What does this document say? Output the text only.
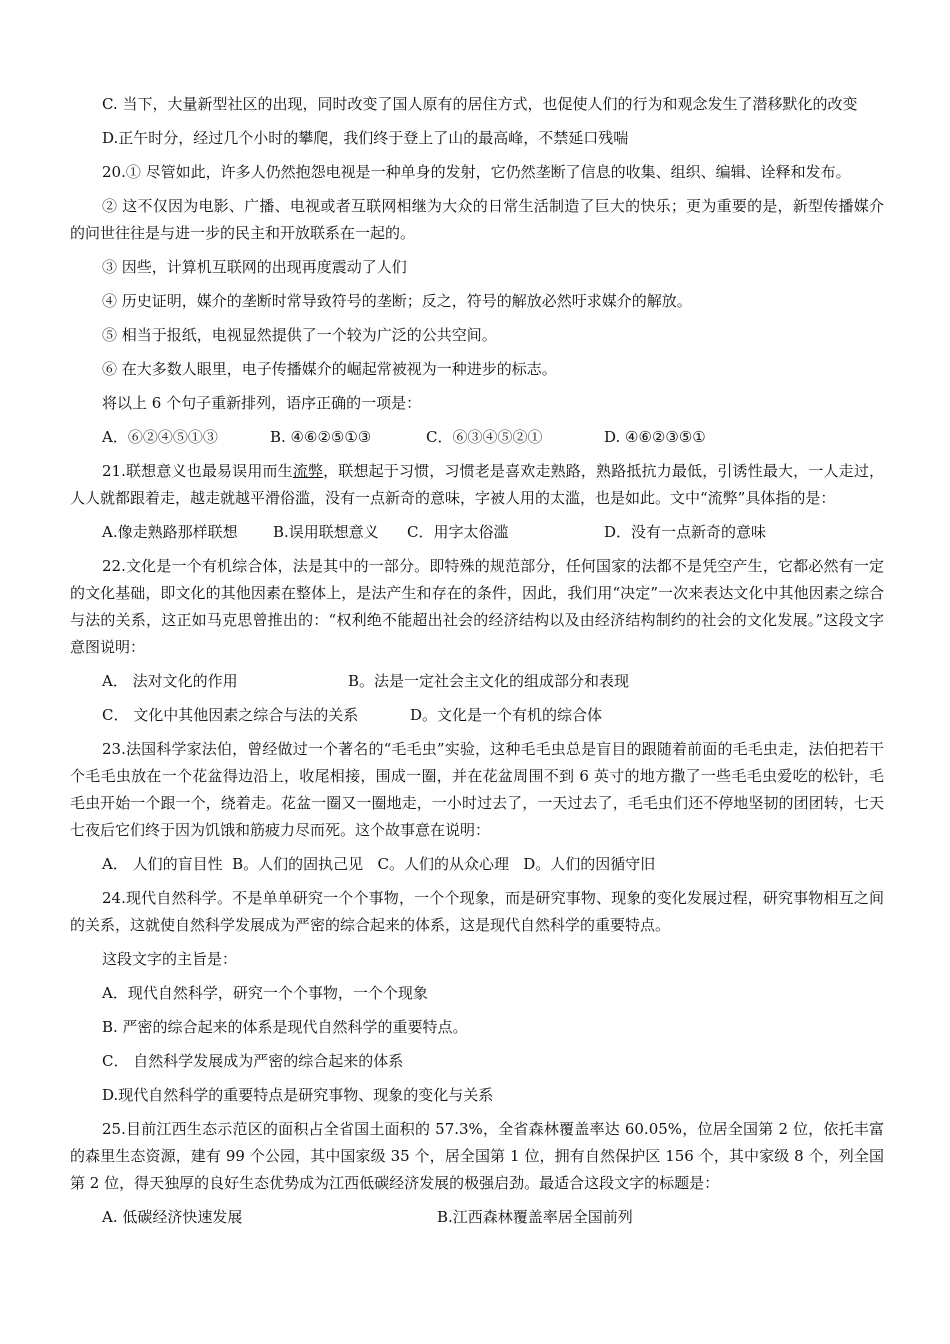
C. 当下，大量新型社区的出现，同时改变了国人原有的居住方式，也促使人们的行为和观念发生了潜移默化的改变

D.正午时分，经过几个小时的攀爬，我们终于登上了山的最高峰，不禁延口残喘

20.① 尽管如此，许多人仍然抱怨电视是一种单身的发射，它仍然垄断了信息的收集、组织、编辑、诠释和发布。

② 这不仅因为电影、广播、电视或者互联网相继为大众的日常生活制造了巨大的快乐；更为重要的是，新型传播媒介的问世往往是与进一步的民主和开放联系在一起的。

③ 因些，计算机互联网的出现再度震动了人们

④ 历史证明，媒介的垄断时常导致符号的垄断；反之，符号的解放必然吁求媒介的解放。

⑤ 相当于报纸，电视显然提供了一个较为广泛的公共空间。

⑥ 在大多数人眼里，电子传播媒介的崛起常被视为一种进步的标志。

将以上 6 个句子重新排列，语序正确的一项是：

A．⑥②④⑤①③	B. ④⑥②⑤①③	C．⑥③④⑤②①	D. ④⑥②③⑤①

21.联想意义也最易误用而生流弊，联想起于习惯，习惯老是喜欢走熟路，熟路抵抗力最低，引诱性最大，一人走过，人人就都跟着走，越走就越平滑俗滥，没有一点新奇的意味，字被人用的太滥，也是如此。文中“流弊”具体指的是：

A.像走熟路那样联想 B.误用联想意义 C．用字太俗滥	D．没有一点新奇的意味

22.文化是一个有机综合体，法是其中的一部分。即特殊的规范部分，任何国家的法都不是凭空产生，它都必然有一定的文化基础，即文化的其他因素在整体上，是法产生和存在的条件，因此，我们用“决定”一次来表达文化中其他因素之综合与法的关系，这正如马克思曾推出的：“权利绝不能超出社会的经济结构以及由经济结构制约的社会的文化发展。”这段文字意图说明：

A． 法对文化的作用	B。法是一定社会主文化的组成部分和表现
C． 文化中其他因素之综合与法的关系	D。文化是一个有机的综合体

23.法国科学家法伯，曾经做过一个著名的“毛毛虫”实验，这种毛毛虫总是盲目的跟随着前面的毛毛虫走，法伯把若干个毛毛虫放在一个花盆得边沿上，收尾相接，围成一圈，并在花盆周围不到 6 英寸的地方撒了一些毛毛虫爱吃的松针，毛毛虫开始一个跟一个，绕着走。花盆一圈又一圈地走，一小时过去了，一天过去了，毛毛虫们还不停地坚韧的团团转，七天七夜后它们终于因为饥饿和筋疲力尽而死。这个故事意在说明：

A． 人们的盲目性  B。人们的固执己见   C。人们的从众心理   D。人们的因循守旧

24.现代自然科学。不是单单研究一个个事物，一个个现象，而是研究事物、现象的变化发展过程，研究事物相互之间的关系，这就使自然科学发展成为严密的综合起来的体系，这是现代自然科学的重要特点。

这段文字的主旨是：

A．现代自然科学，研究一个个事物，一个个现象

B. 严密的综合起来的体系是现代自然科学的重要特点。

C． 自然科学发展成为严密的综合起来的体系

D.现代自然科学的重要特点是研究事物、现象的变化与关系

25.目前江西生态示范区的面积占全省国土面积的 57.3%，全省森林覆盖率达 60.05%，位居全国第 2 位，依托丰富的森里生态资源，建有 99 个公园，其中国家级 35 个，居全国第 1 位，拥有自然保护区 156 个，其中家级 8 个，列全国第 2 位，得天独厚的良好生态优势成为江西低碳经济发展的极强启劲。最适合这段文字的标题是：

A. 低碳经济快速发展	B.江西森林覆盖率居全国前列
